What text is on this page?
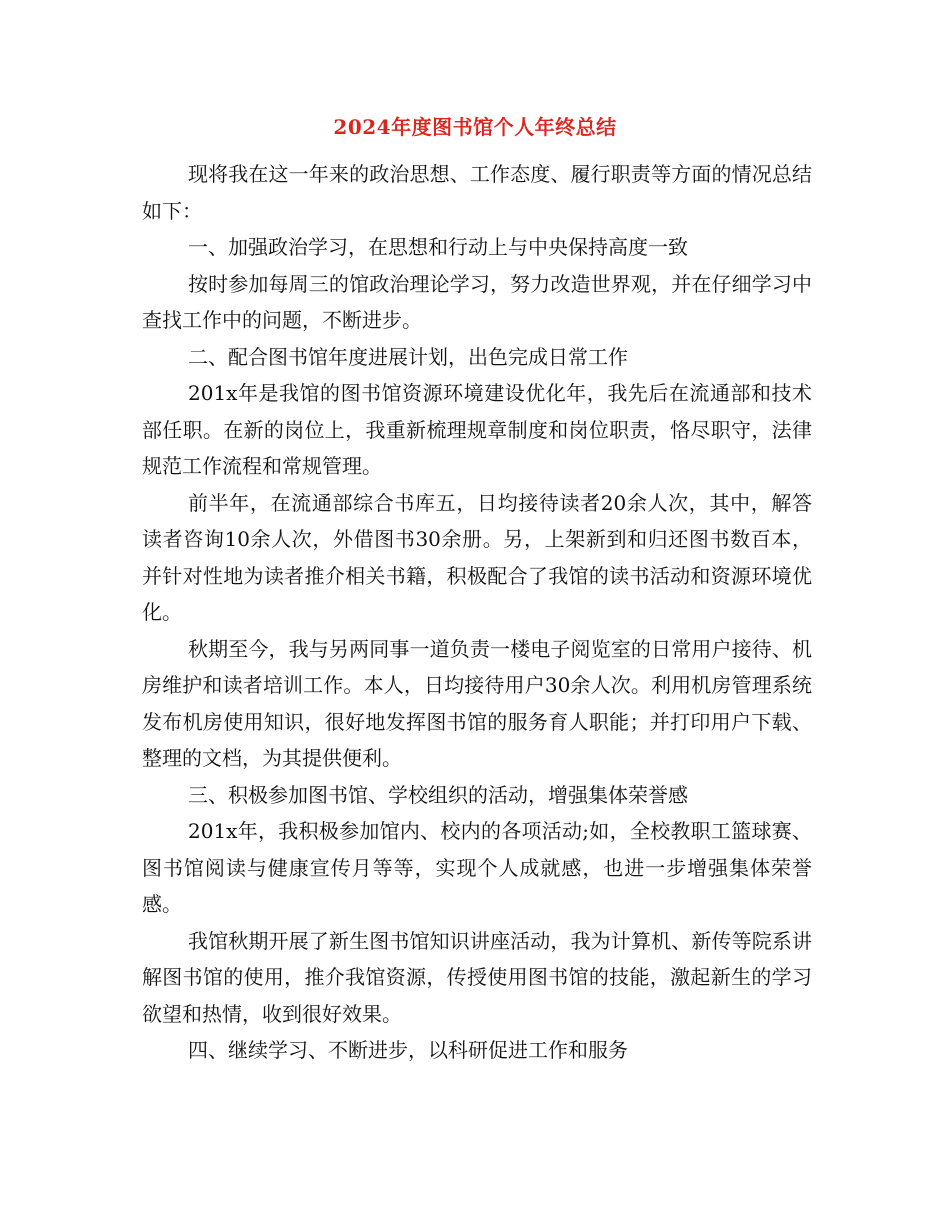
2024年度图书馆个人年终总结

现将我在这一年来的政治思想、工作态度、履行职责等方面的情况总结如下：

一、加强政治学习，在思想和行动上与中央保持高度一致

按时参加每周三的馆政治理论学习，努力改造世界观，并在仔细学习中查找工作中的问题，不断进步。

二、配合图书馆年度进展计划，出色完成日常工作

201x年是我馆的图书馆资源环境建设优化年，我先后在流通部和技术部任职。在新的岗位上，我重新梳理规章制度和岗位职责，恪尽职守，法律规范工作流程和常规管理。

前半年，在流通部综合书库五，日均接待读者20余人次，其中，解答读者咨询10余人次，外借图书30余册。另，上架新到和归还图书数百本，并针对性地为读者推介相关书籍，积极配合了我馆的读书活动和资源环境优化。

秋期至今，我与另两同事一道负责一楼电子阅览室的日常用户接待、机房维护和读者培训工作。本人，日均接待用户30余人次。利用机房管理系统发布机房使用知识，很好地发挥图书馆的服务育人职能；并打印用户下载、整理的文档，为其提供便利。

三、积极参加图书馆、学校组织的活动，增强集体荣誉感

201x年，我积极参加馆内、校内的各项活动;如，全校教职工篮球赛、图书馆阅读与健康宣传月等等，实现个人成就感，也进一步增强集体荣誉感。

我馆秋期开展了新生图书馆知识讲座活动，我为计算机、新传等院系讲解图书馆的使用，推介我馆资源，传授使用图书馆的技能，激起新生的学习欲望和热情，收到很好效果。

四、继续学习、不断进步，以科研促进工作和服务
